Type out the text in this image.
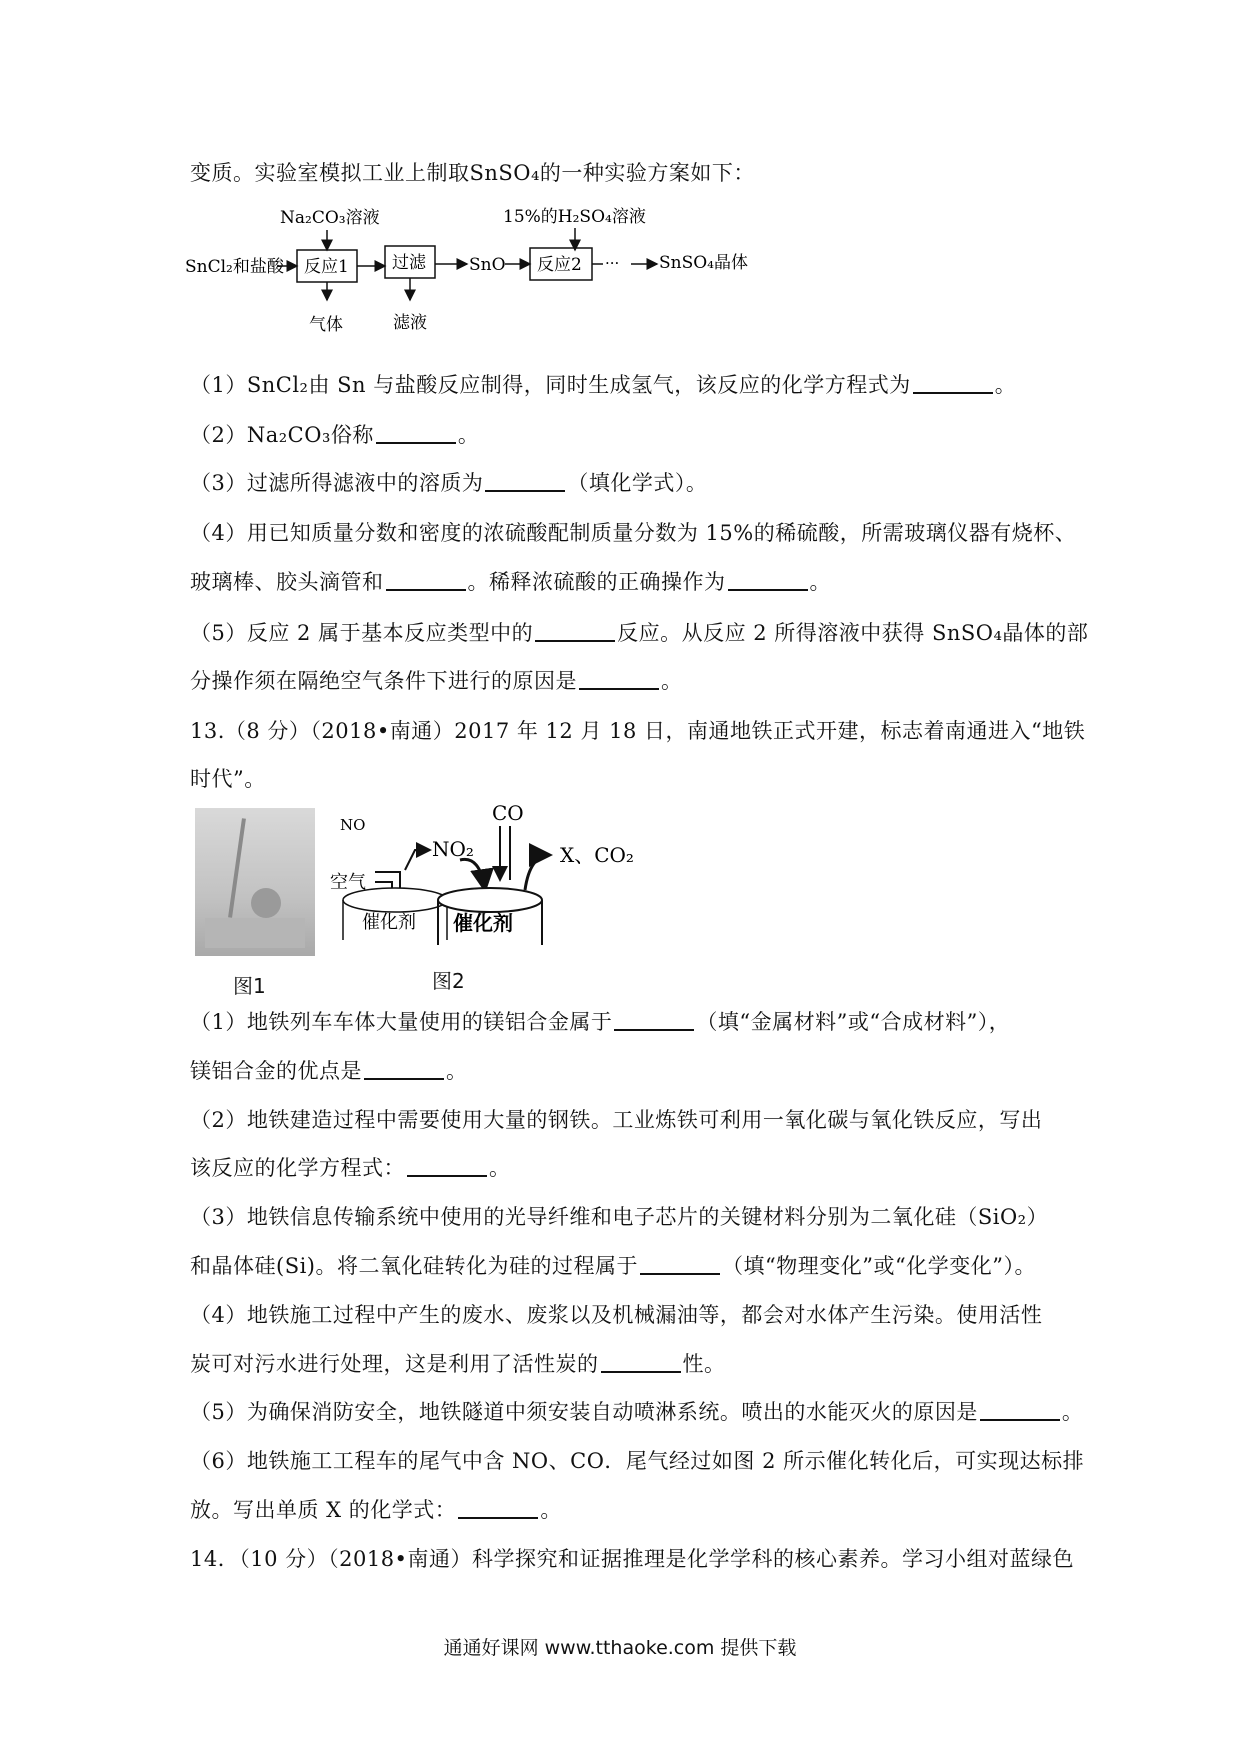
变质。实验室模拟工业上制取SnSO₄的一种实验方案如下：
Na₂CO₃溶液	15%的H₂SO₄溶液
SnCl₂和盐酸 反应1
气体
过滤
滤液
SnO 反应2 ··· SnSO₄晶体
（1）SnCl₂由 Sn 与盐酸反应制得，同时生成氢气，该反应的化学方程式为	。
（2）Na₂CO₃俗称	。
（3）过滤所得滤液中的溶质为	（填化学式）。
（4）用已知质量分数和密度的浓硫酸配制质量分数为 15%的稀硫酸，所需玻璃仪器有烧杯、
玻璃棒、胶头滴管和	。稀释浓硫酸的正确操作为	。
（5）反应 2 属于基本反应类型中的	反应。从反应 2 所得溶液中获得 SnSO₄晶体的部
分操作须在隔绝空气条件下进行的原因是	。
13.（8 分）（2018•南通）2017 年 12 月 18 日，南通地铁正式开建，标志着南通进入“地铁
时代”。
图1
NO
空气
NO₂
CO
X、CO₂
催化剂 催化剂
图2
（1）地铁列车车体大量使用的镁铝合金属于	（填“金属材料”或“合成材料”），
镁铝合金的优点是	。
（2）地铁建造过程中需要使用大量的钢铁。工业炼铁可利用一氧化碳与氧化铁反应，写出
该反应的化学方程式：	。
（3）地铁信息传输系统中使用的光导纤维和电子芯片的关键材料分别为二氧化硅（SiO₂）
和晶体硅(Si)。将二氧化硅转化为硅的过程属于	（填“物理变化”或“化学变化”）。
（4）地铁施工过程中产生的废水、废浆以及机械漏油等，都会对水体产生污染。使用活性
炭可对污水进行处理，这是利用了活性炭的	性。
（5）为确保消防安全，地铁隧道中须安装自动喷淋系统。喷出的水能灭火的原因是	。
（6）地铁施工工程车的尾气中含 NO、CO．尾气经过如图 2 所示催化转化后，可实现达标排
放。写出单质 X 的化学式：	。
14．（10 分）（2018•南通）科学探究和证据推理是化学学科的核心素养。学习小组对蓝绿色
通通好课网 www.tthaoke.com 提供下载
